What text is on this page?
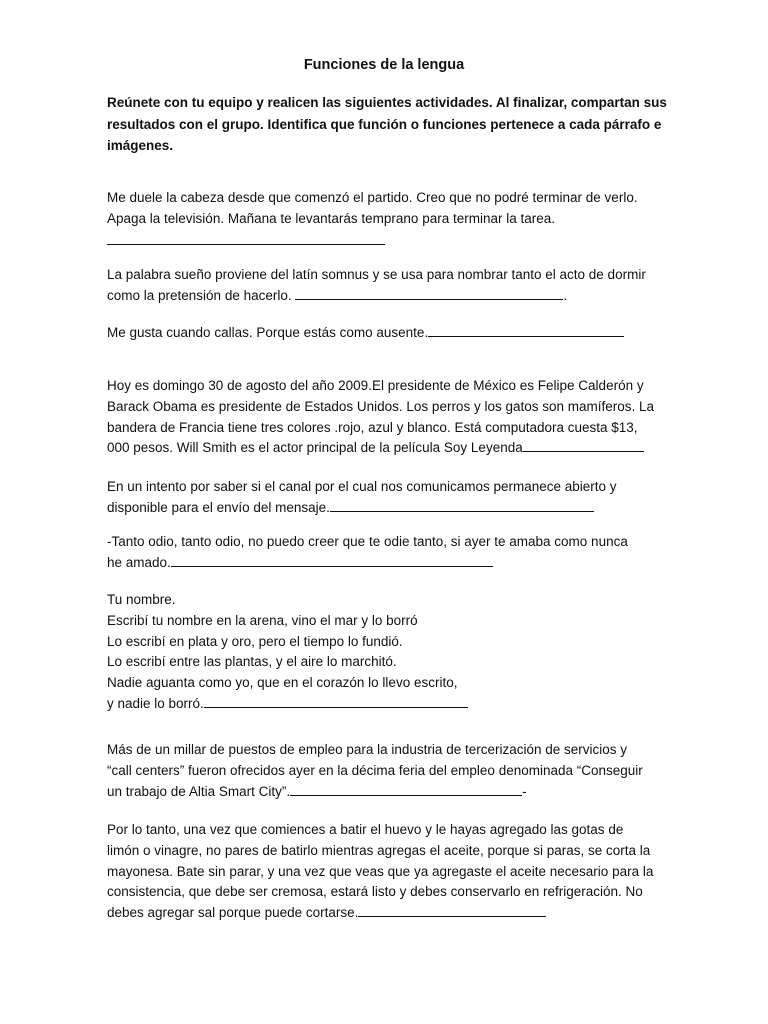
Funciones de la lengua
Reúnete con tu equipo y realicen las siguientes actividades. Al finalizar, compartan sus
resultados con el grupo. Identifica que función o funciones pertenece a cada párrafo e
imágenes.
Me duele la cabeza desde que comenzó el partido. Creo que no podré terminar de verlo.
Apaga la televisión. Mañana te levantarás temprano para terminar la tarea.
La palabra sueño proviene del latín somnus y se usa para nombrar tanto el acto de dormir
como la pretensión de hacerlo.	.
Me gusta cuando callas. Porque estás como ausente.
Hoy es domingo 30 de agosto del año 2009.El presidente de México es Felipe Calderón y
Barack Obama es presidente de Estados Unidos. Los perros y los gatos son mamíferos. La
bandera de Francia tiene tres colores .rojo, azul y blanco. Está computadora cuesta $13,
000 pesos. Will Smith es el actor principal de la película Soy Leyenda
En un intento por saber si el canal por el cual nos comunicamos permanece abierto y
disponible para el envío del mensaje.
-Tanto odio, tanto odio, no puedo creer que te odie tanto, si ayer te amaba como nunca
he amado.
Tu nombre.
Escribí tu nombre en la arena, vino el mar y lo borró
Lo escribí en plata y oro, pero el tiempo lo fundió.
Lo escribí entre las plantas, y el aire lo marchitó.
Nadie aguanta como yo, que en el corazón lo llevo escrito,
y nadie lo borró.
Más de un millar de puestos de empleo para la industria de tercerización de servicios y
“call centers” fueron ofrecidos ayer en la décima feria del empleo denominada “Conseguir
un trabajo de Altia Smart City”.	-
Por lo tanto, una vez que comiences a batir el huevo y le hayas agregado las gotas de
limón o vinagre, no pares de batirlo mientras agregas el aceite, porque si paras, se corta la
mayonesa. Bate sin parar, y una vez que veas que ya agregaste el aceite necesario para la
consistencia, que debe ser cremosa, estará listo y debes conservarlo en refrigeración. No
debes agregar sal porque puede cortarse.
